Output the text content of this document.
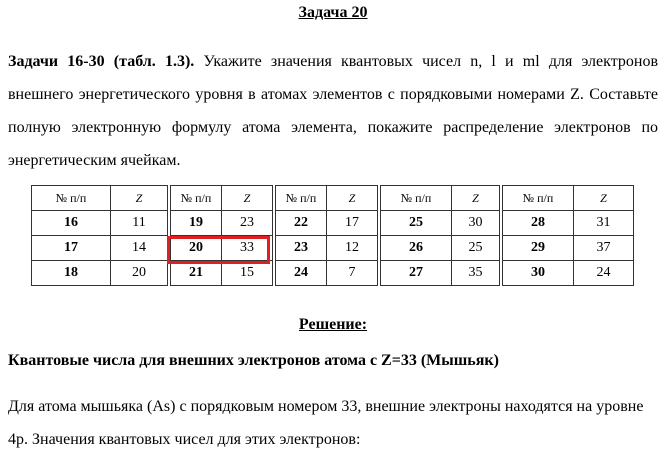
Задача 20
Задачи 16-30 (табл. 1.3). Укажите значения квантовых чисел n, l и ml для электронов внешнего энергетического уровня в атомах элементов с порядковыми номерами Z. Составьте полную электронную формулу атома элемента, покажите распределение электронов по энергетическим ячейкам.
№ п/п	Z	№ п/п	Z	№ п/п	Z	№ п/п	Z	№ п/п	Z
16	11	19	23	22	17	25	30	28	31
17	14	20	33	23	12	26	25	29	37
18	20	21	15	24	7	27	35	30	24
Решение:
Квантовые числа для внешних электронов атома с Z=33 (Мышьяк)
Для атома мышьяка (As) с порядковым номером 33, внешние электроны находятся на уровне 4p. Значения квантовых чисел для этих электронов:
